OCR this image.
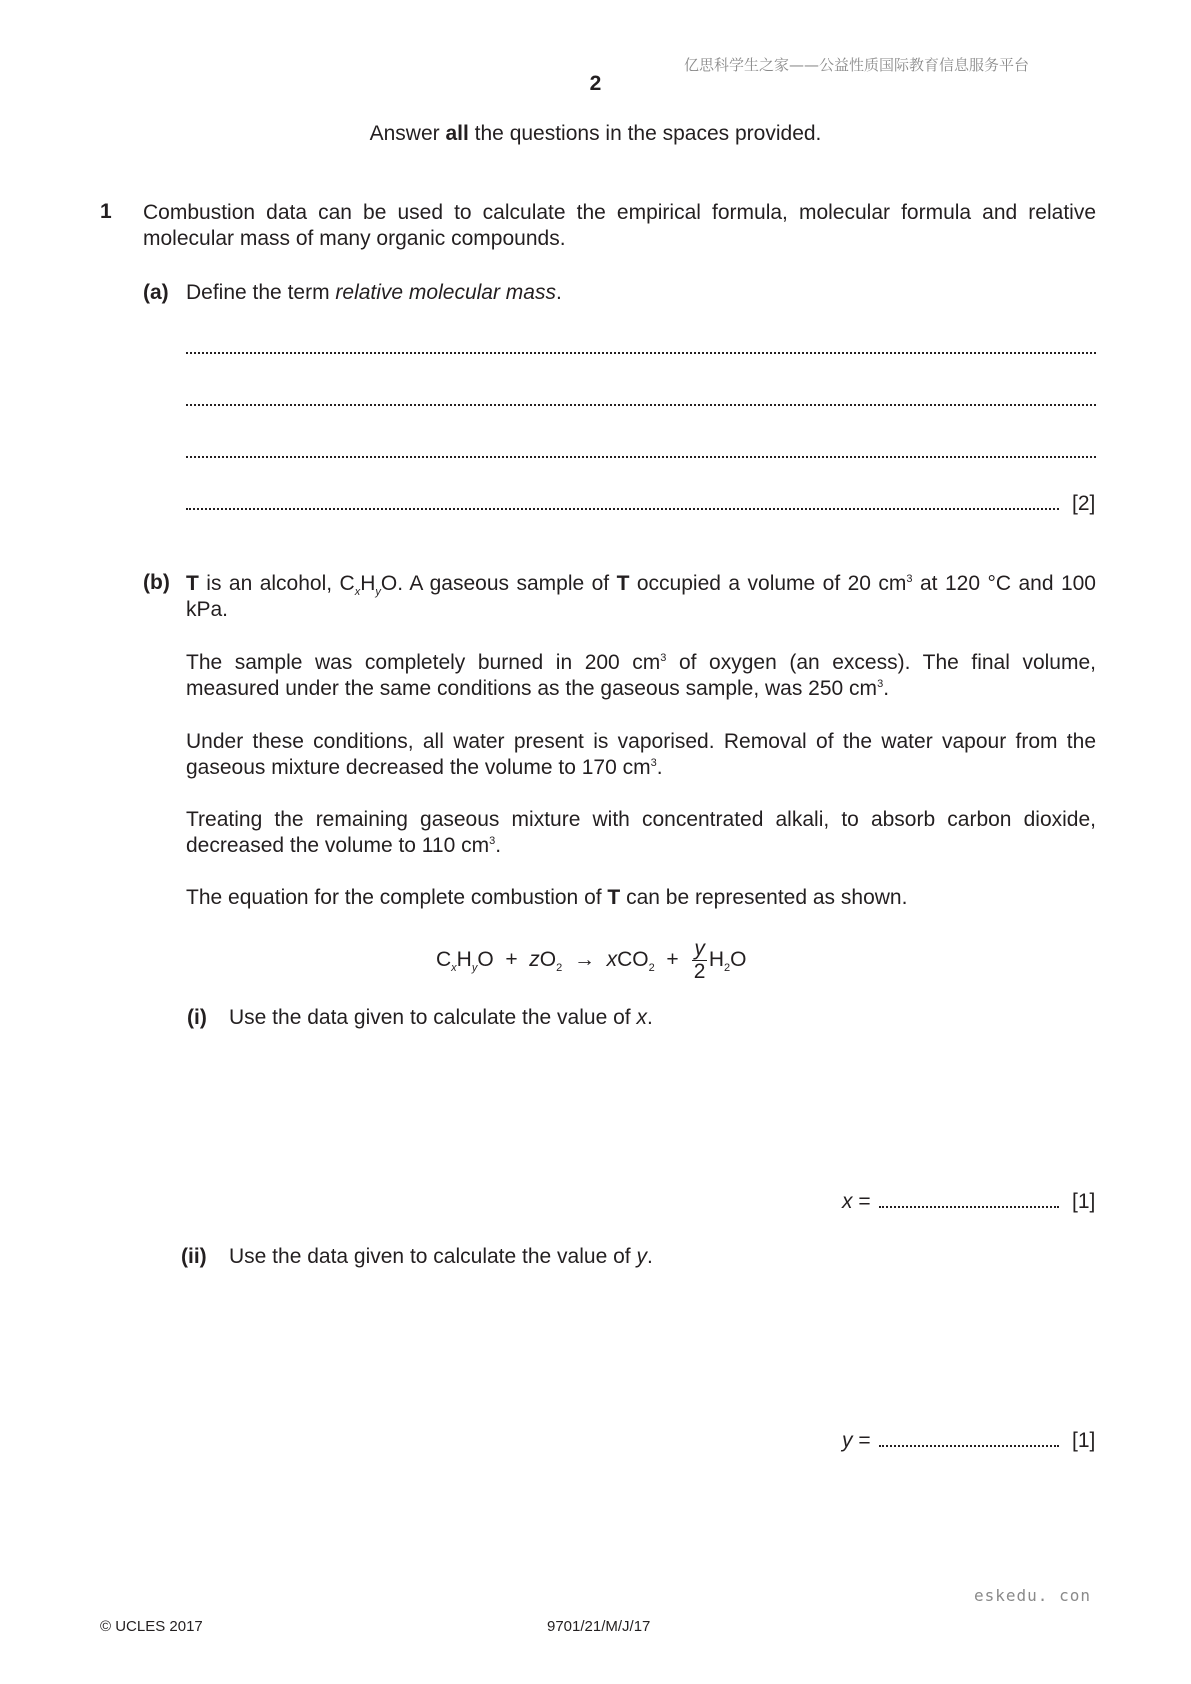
亿思科学生之家——公益性质国际教育信息服务平台
2
Answer all the questions in the spaces provided.
1 Combustion data can be used to calculate the empirical formula, molecular formula and relative molecular mass of many organic compounds.

(a) Define the term relative molecular mass.
[2]
(b) T is an alcohol, $C_xH_yO$. A gaseous sample of T occupied a volume of 20 $cm^3$ at 120 °C and 100 kPa.

The sample was completely burned in 200 $cm^3$ of oxygen (an excess). The final volume, measured under the same conditions as the gaseous sample, was 250 $cm^3$.

Under these conditions, all water present is vaporised. Removal of the water vapour from the gaseous mixture decreased the volume to 170 $cm^3$.

Treating the remaining gaseous mixture with concentrated alkali, to absorb carbon dioxide, decreased the volume to 110 $cm^3$.

The equation for the complete combustion of T can be represented as shown.
$C_xH_yO + zO_2 \to xCO_2 + \frac{y}{2} H_2O$
(i) Use the data given to calculate the value of x.
x =	[1]
(ii) Use the data given to calculate the value of y.
y =	[1]
eskedu. con
© UCLES 2017	9701/21/M/J/17
